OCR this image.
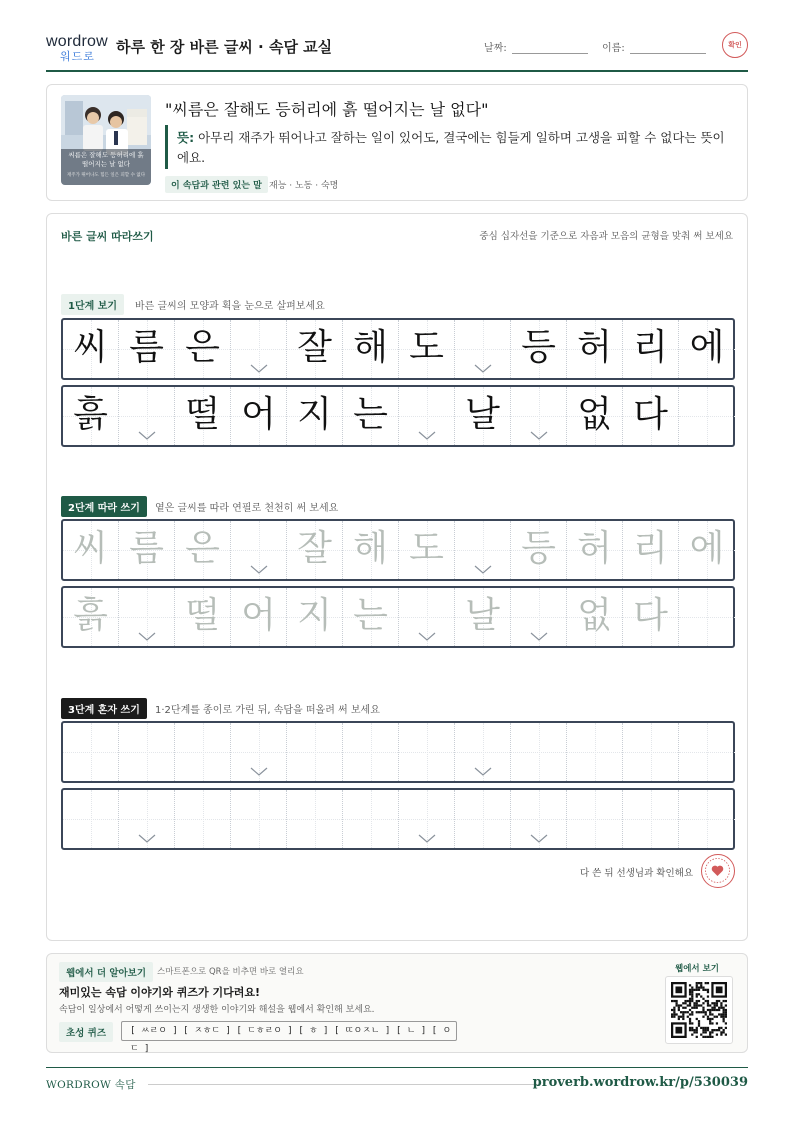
wordrow
워드로
하루 한 장 바른 글씨 · 속담 교실	날짜:	이름:	확인
씨름은 잘해도 등허리에 흙 떨어지는 날 없다
재주가 뛰어나도 힘든 일은 피할 수 없다
"씨름은 잘해도 등허리에 흙 떨어지는 날 없다"
뜻: 아무리 재주가 뛰어나고 잘하는 일이 있어도, 결국에는 힘들게 일하며 고생을 피할 수 없다는 뜻이에요.
이 속담과 관련 있는 말 재능 · 노동 · 숙명
바른 글씨 따라쓰기	중심 십자선을 기준으로 자음과 모음의 균형을 맞춰 써 보세요
1단계 보기	바른 글씨의 모양과 획을 눈으로 살펴보세요
씨 름 은 잘 해 도 등 허 리 에
흙 떨 어 지 는 날 없 다
2단계 따라 쓰기	옅은 글씨를 따라 연필로 천천히 써 보세요
씨 름 은 잘 해 도 등 허 리 에
흙 떨 어 지 는 날 없 다
3단계 혼자 쓰기	1·2단계를 종이로 가린 뒤, 속담을 떠올려 써 보세요
다 쓴 뒤 선생님과 확인해요
웹에서 더 알아보기	스마트폰으로 QR을 비추면 바로 열리요
재미있는 속담 이야기와 퀴즈가 기다려요!
속담이 일상에서 어떻게 쓰이는지 생생한 이야기와 해설을 웹에서 확인해 보세요.
초성 퀴즈	[ ㅆㄹㅇ ] [ ㅈㅎㄷ ] [ ㄷㅎㄹㅇ ] [ ㅎ ] [ ㄸㅇㅈㄴ ] [ ㄴ ] [ ㅇㄷ ]
웹에서 보기
WORDROW 속담	proverb.wordrow.kr/p/530039
